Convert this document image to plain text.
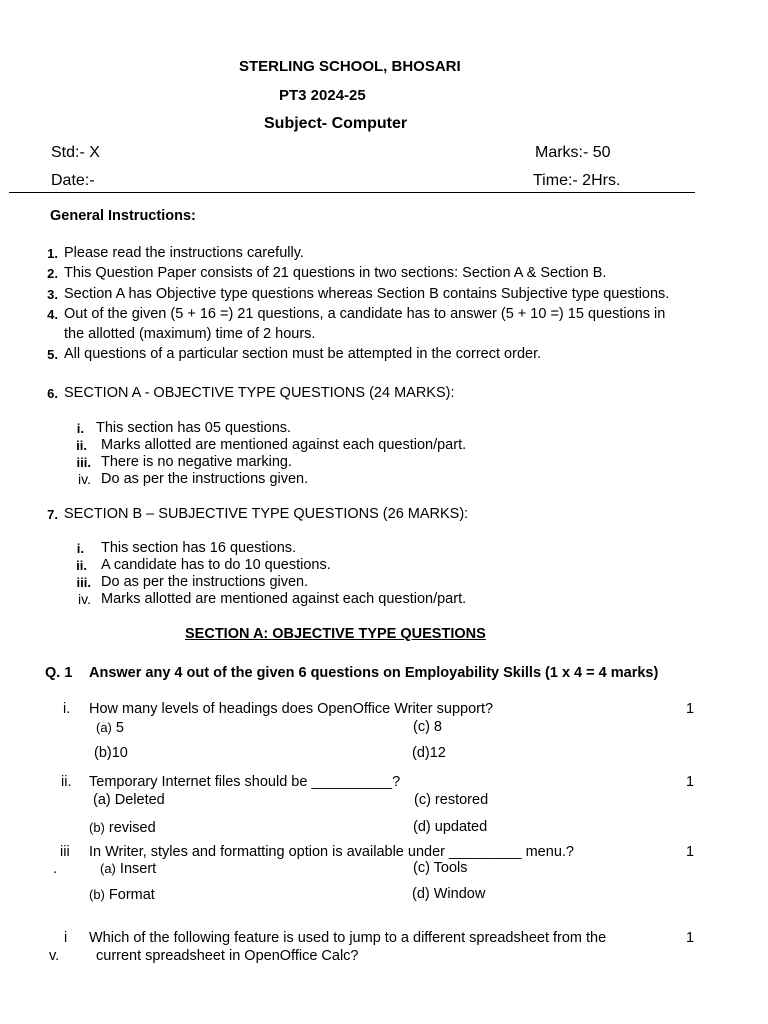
STERLING SCHOOL, BHOSARI
PT3 2024-25
Subject- Computer
Std:- X	Marks:- 50
Date:-	Time:- 2Hrs.
General Instructions:
1. Please read the instructions carefully.
2. This Question Paper consists of 21 questions in two sections: Section A & Section B.
3. Section A has Objective type questions whereas Section B contains Subjective type questions.
4. Out of the given (5 + 16 =) 21 questions, a candidate has to answer (5 + 10 =) 15 questions in
the allotted (maximum) time of 2 hours.
5. All questions of a particular section must be attempted in the correct order.
6. SECTION A - OBJECTIVE TYPE QUESTIONS (24 MARKS):
i. This section has 05 questions.
ii. Marks allotted are mentioned against each question/part.
iii. There is no negative marking.
iv. Do as per the instructions given.
7. SECTION B – SUBJECTIVE TYPE QUESTIONS (26 MARKS):
i. This section has 16 questions.
ii. A candidate has to do 10 questions.
iii. Do as per the instructions given.
iv. Marks allotted are mentioned against each question/part.
SECTION A: OBJECTIVE TYPE QUESTIONS
Q. 1 Answer any 4 out of the given 6 questions on Employability Skills (1 x 4 = 4 marks)
i. How many levels of headings does OpenOffice Writer support?	1
(a) 5	(c) 8
(b)10	(d)12
ii. Temporary Internet files should be __________?	1
(a) Deleted	(c) restored
(b) revised	(d) updated
iii
.
In Writer, styles and formatting option is available under _________ menu.?	1
(a) Insert	(c) Tools
(b) Format	(d) Window
i
v.
Which of the following feature is used to jump to a different spreadsheet from the
current spreadsheet in OpenOffice Calc?
1
